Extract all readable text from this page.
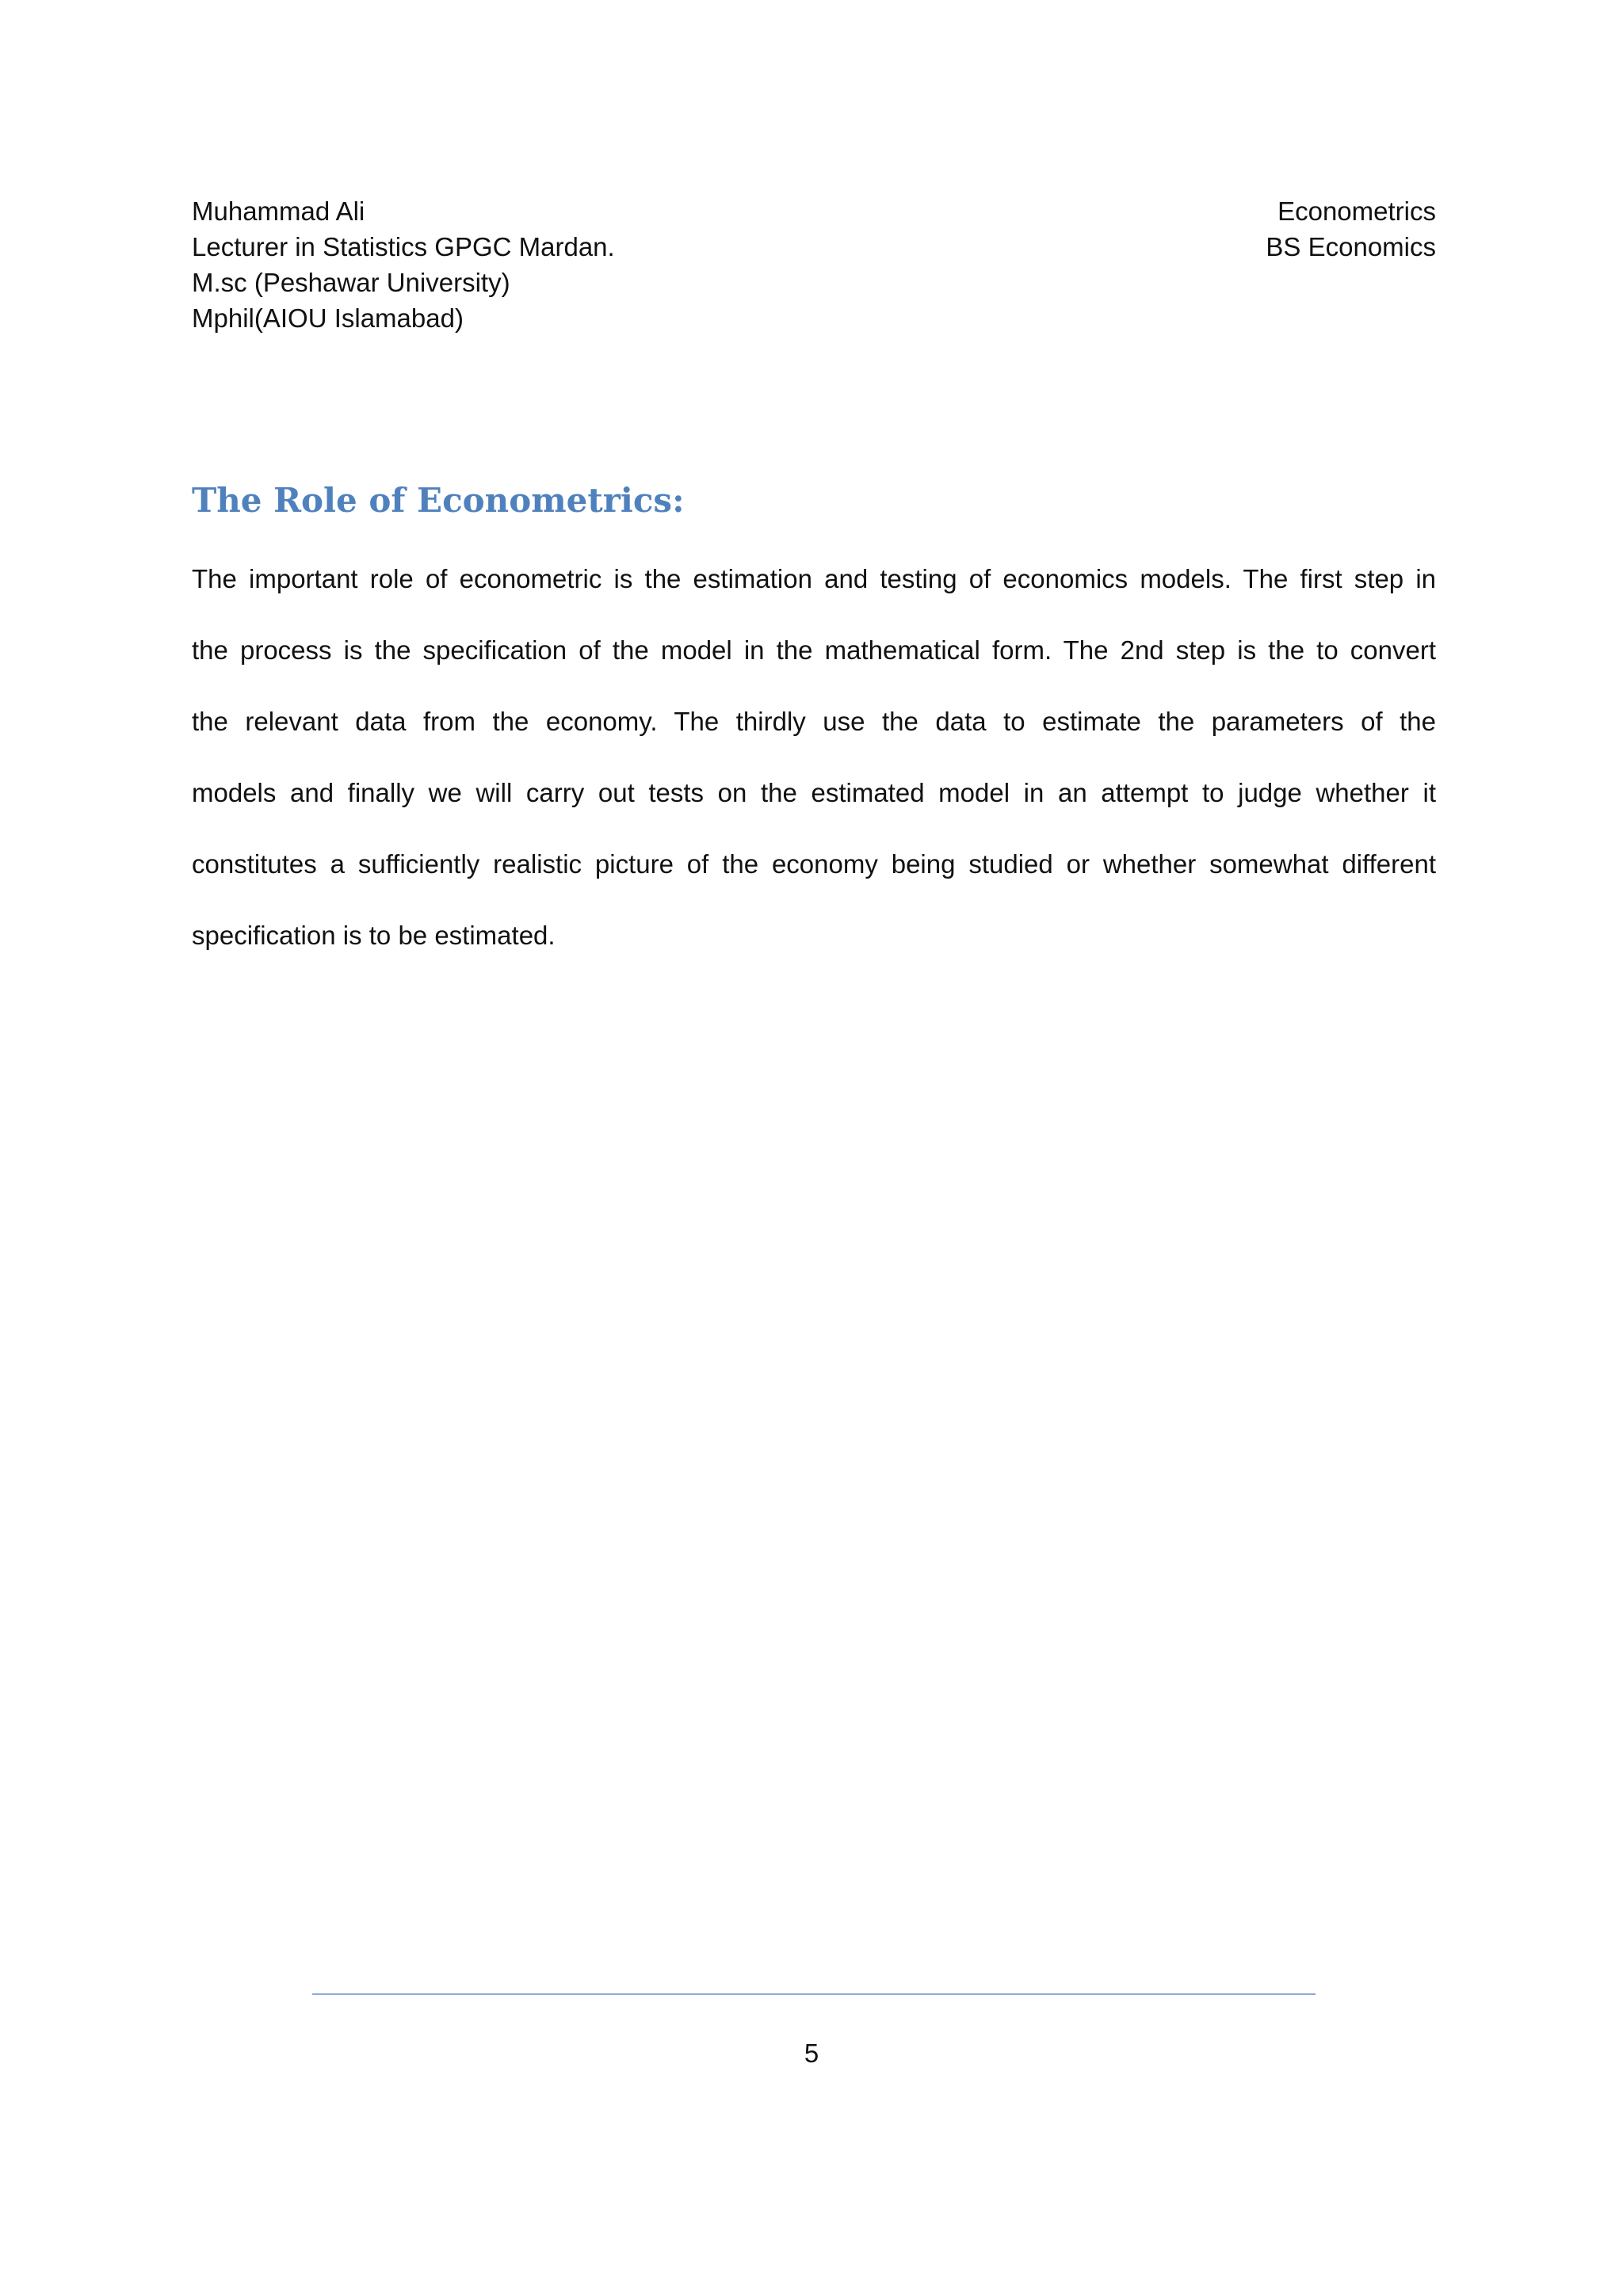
Muhammad Ali
Lecturer in Statistics GPGC Mardan.
M.sc (Peshawar University)
Mphil(AIOU Islamabad)
Econometrics
BS Economics
The Role of Econometrics:
The important role of econometric is the estimation and testing of economics models. The first step in
the process is the specification of the model in the mathematical form. The 2nd step is the to convert
the relevant data from the economy. The thirdly use the data to estimate the parameters of the
models and finally we will carry out tests on the estimated model in an attempt to judge whether it
constitutes a sufficiently realistic picture of the economy being studied or whether somewhat different
specification is to be estimated.
5
